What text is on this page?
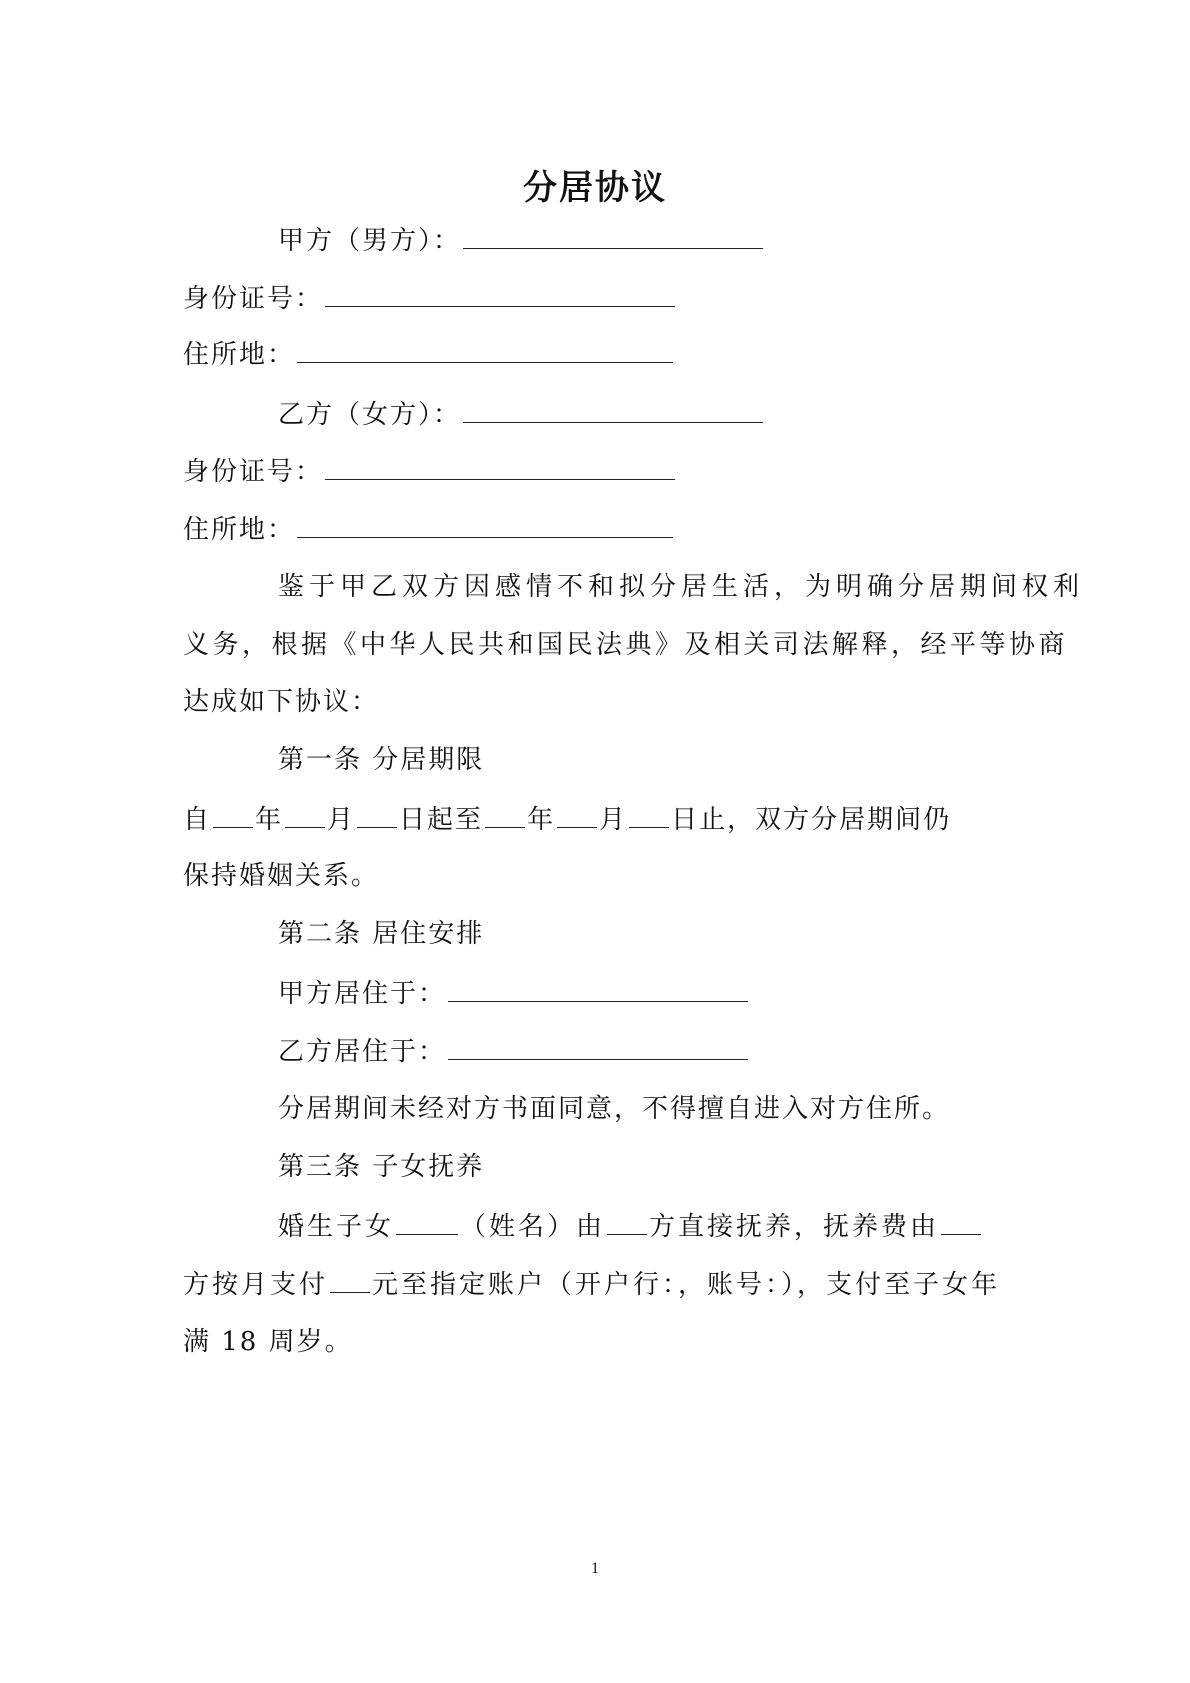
分居协议
甲方（男方）：
身份证号：
住所地：
乙方（女方）：
身份证号：
住所地：
鉴于甲乙双方因感情不和拟分居生活，为明确分居期间权利
义务，根据《中华人民共和国民法典》及相关司法解释，经平等协商
达成如下协议：
第一条 分居期限
自 年 月 日起至 年 月 日止，双方分居期间仍
保持婚姻关系。
第二条 居住安排
甲方居住于：
乙方居住于：
分居期间未经对方书面同意，不得擅自进入对方住所。
第三条 子女抚养
婚生子女	（姓名）由 方直接抚养，抚养费由
方按月支付 元至指定账户（开户行：，账号：），支付至子女年
满 18 周岁。
1
